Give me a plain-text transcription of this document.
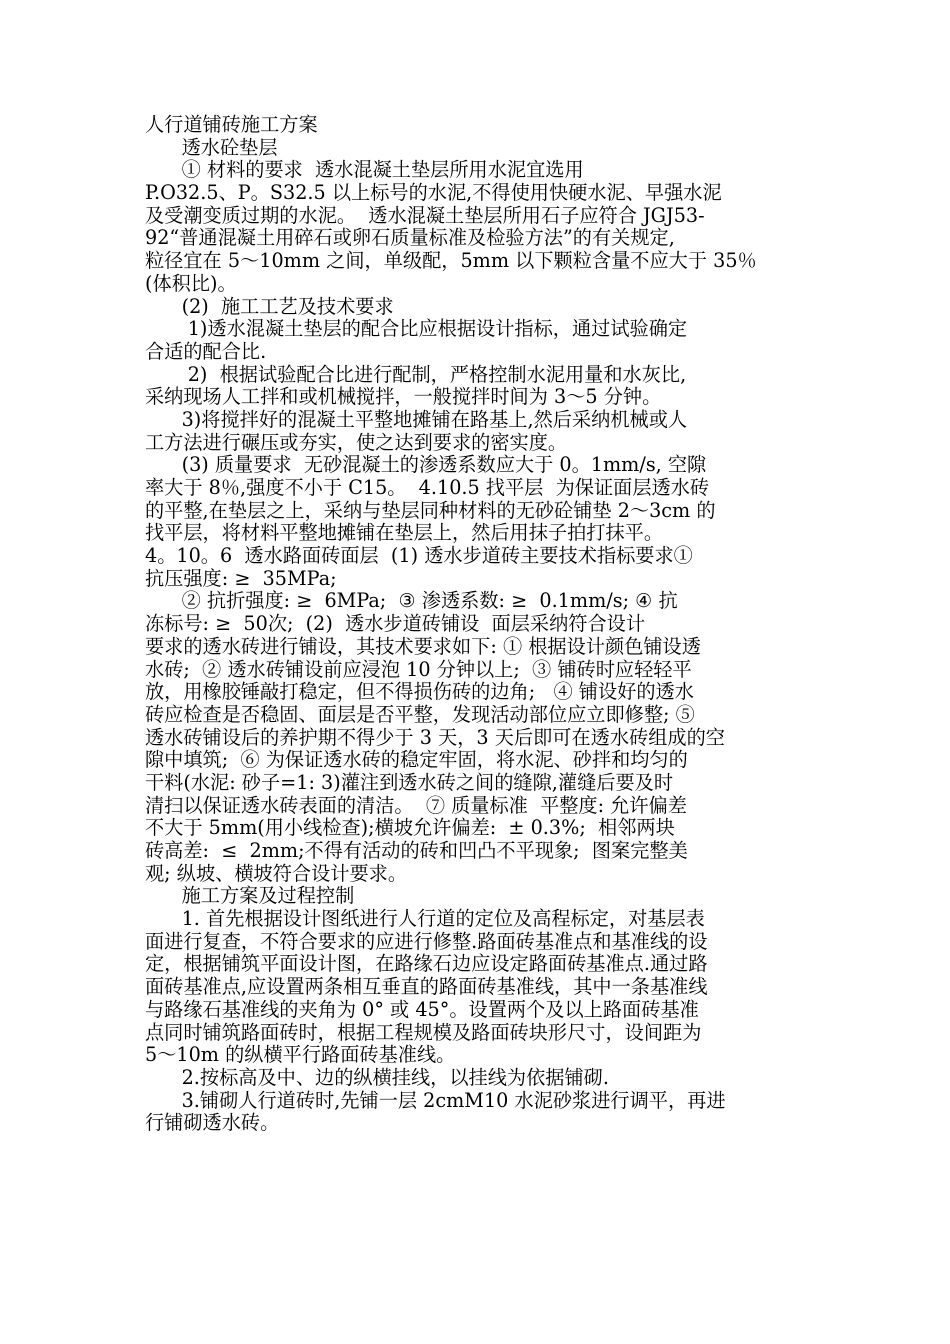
人行道铺砖施工方案
透水砼垫层
① 材料的要求  透水混凝土垫层所用水泥宜选用
P.O32.5、P。S32.5 以上标号的水泥,不得使用快硬水泥、早强水泥
及受潮变质过期的水泥。  透水混凝土垫层所用石子应符合 JGJ53-
92“普通混凝土用碎石或卵石质量标准及检验方法”的有关规定,
粒径宜在 5～10mm 之间，单级配，5mm 以下颗粒含量不应大于 35％
(体积比)。
(2)  施工工艺及技术要求
1)透水混凝土垫层的配合比应根据设计指标，通过试验确定
合适的配合比.
2)  根据试验配合比进行配制，严格控制水泥用量和水灰比,
采纳现场人工拌和或机械搅拌，一般搅拌时间为 3～5 分钟。
3)将搅拌好的混凝土平整地摊铺在路基上,然后采纳机械或人
工方法进行碾压或夯实，使之达到要求的密实度。
(3) 质量要求  无砂混凝土的渗透系数应大于 0。1mm/s, 空隙
率大于 8％,强度不小于 C15。  4.10.5 找平层  为保证面层透水砖
的平整,在垫层之上，采纳与垫层同种材料的无砂砼铺垫 2～3cm 的
找平层，将材料平整地摊铺在垫层上，然后用抹子拍打抹平。
4。10。6  透水路面砖面层  (1) 透水步道砖主要技术指标要求①
抗压强度: ≥  35MPa;
② 抗折强度: ≥  6MPa;  ③ 渗透系数: ≥  0.1mm/s; ④ 抗
冻标号: ≥  50次;  (2)  透水步道砖铺设  面层采纳符合设计
要求的透水砖进行铺设，其技术要求如下: ① 根据设计颜色铺设透
水砖;  ② 透水砖铺设前应浸泡 10 分钟以上;  ③ 铺砖时应轻轻平
放，用橡胶锤敲打稳定，但不得损伤砖的边角;   ④ 铺设好的透水
砖应检查是否稳固、面层是否平整，发现活动部位应立即修整; ⑤
透水砖铺设后的养护期不得少于 3 天，3 天后即可在透水砖组成的空
隙中填筑;  ⑥ 为保证透水砖的稳定牢固，将水泥、砂拌和均匀的
干料(水泥: 砂子=1: 3)灌注到透水砖之间的缝隙,灌缝后要及时
清扫以保证透水砖表面的清洁。  ⑦ 质量标准  平整度: 允许偏差
不大于 5mm(用小线检查);横坡允许偏差:  ± 0.3%;  相邻两块
砖高差:  ≤  2mm;不得有活动的砖和凹凸不平现象;  图案完整美
观; 纵坡、横坡符合设计要求。
施工方案及过程控制
1. 首先根据设计图纸进行人行道的定位及高程标定，对基层表
面进行复查，不符合要求的应进行修整.路面砖基准点和基准线的设
定，根据铺筑平面设计图，在路缘石边应设定路面砖基准点.通过路
面砖基准点,应设置两条相互垂直的路面砖基准线，其中一条基准线
与路缘石基准线的夹角为 0° 或 45°。设置两个及以上路面砖基准
点同时铺筑路面砖时，根据工程规模及路面砖块形尺寸，设间距为
5～10m 的纵横平行路面砖基准线。
2.按标高及中、边的纵横挂线，以挂线为依据铺砌.
3.铺砌人行道砖时,先铺一层 2cmM10 水泥砂浆进行调平，再进
行铺砌透水砖。
